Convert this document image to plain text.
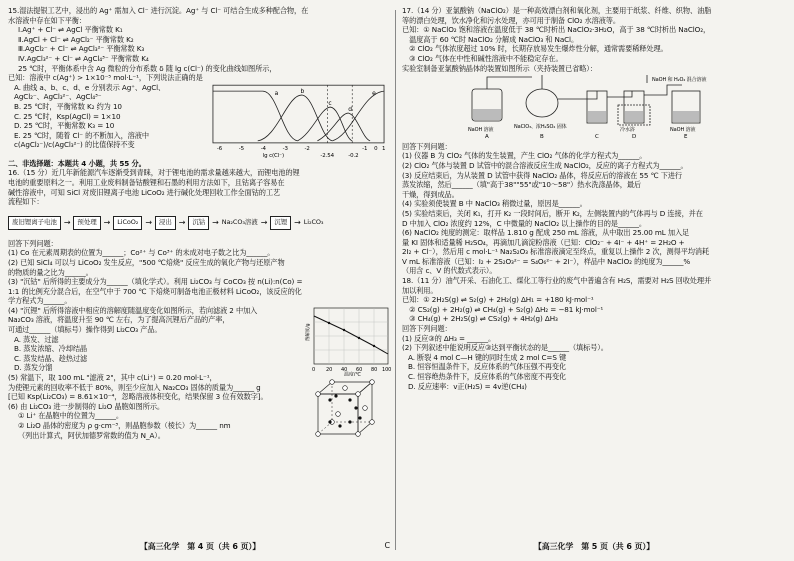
15.湿法提银工艺中，浸出的 Ag⁺ 需加入 Cl⁻ 进行沉淀。Ag⁺ 与 Cl⁻ 可结合生成多种配合物，在

水溶液中存在如下平衡：

Ⅰ.Ag⁺ + Cl⁻ ⇌ AgCl 平衡常数 K₁

Ⅱ.AgCl + Cl⁻ ⇌ AgCl₂⁻ 平衡常数 K₂

Ⅲ.AgCl₂⁻ + Cl⁻ ⇌ AgCl₃²⁻ 平衡常数 K₃

Ⅳ.AgCl₃²⁻ + Cl⁻ ⇌ AgCl₄³⁻ 平衡常数 K₄

25 ℃时，平衡体系中含 Ag 微粒的分布系数 δ 随 lg c(Cl⁻) 的变化曲线如图所示，

已知：溶液中 c(Ag⁺) > 1×10⁻⁵ mol·L⁻¹，下列说法正确的是

A. 曲线 a、b、c、d、e 分别表示 Ag⁺、AgCl、

AgCl₂⁻、AgCl₃²⁻、AgCl₄³⁻

B. 25 ℃时，平衡常数 K₂ 约为 10

C. 25 ℃时，Ksp(AgCl) = 1×10

D. 25 ℃时，平衡常数 K₃ = 10

E. 25 ℃时，随着 Cl⁻ 的不断加入，溶液中

c(AgCl₂⁻)/c(AgCl₃²⁻) 的比值保持不变

a	b
c
d
e
-6	-5	-4	-3	-2	-1 0 1
-2.54	-0.2
lg c(Cl⁻)

二、非选择题：本题共 4 小题，共 55 分。

16.（15 分）近几年新能源汽车逐渐受到青睐，对于锂电池的需求量越来越大，而锂电池的锂

电池的重要原料之一。利用工业废料制备钴酸锂和石墨的利用方法如下，且钴离子容易在

碱性溶液中，可知 SiCl 对废旧锂离子电池 LiCoO₂ 进行碱化处理回收工作全面钴的工艺

流程如下：

废旧锂离子电池 →	预处理 →	LiCoO₂ →	浸出 →	沉钴 → Na₂CO₃溶液 →	沉锂 → Li₂CO₃

回答下列问题：

(1) Co 在元素周期表的位置为______；Co²⁺ 与 Co³⁺ 的未成对电子数之比为______。

(2) 已知 SiCl₄ 可以与 LiCoO₂ 发生反应，"500 ℃焙烧" 反应生成的氧化产物与还原产物

的物质的量之比为______。

(3) "沉钴" 后所得的主要成分为______（填化学式）。利用 Li₂CO₃ 与 CoCO₃ 按 n(Li):n(Co) =

1:1 的比例充分混合后，在空气中于 700 ℃ 下焙烧可制备电池正极材料 LiCoO₂，该反应的化

学方程式为______。

(4) "沉锂" 后所得溶液中相应的溶解度随温度变化如图所示，若向滤液 2 中加入

Na₂CO₃ 溶液，将温度升至 90 ℃ 左右，为了提高沉锂后产品的产率，

可通过______（填标号）操作得到 Li₂CO₃ 产品。

A. 蒸发、过滤

B. 蒸发浓缩、冷却结晶

C. 蒸发结晶、趁热过滤

D. 蒸发分馏

(5) 常温下，取 100 mL "滤液 2"，其中 c(Li⁺) = 0.20 mol·L⁻¹，

为使锂元素的回收率不低于 80%，则至少应加入 Na₂CO₃ 固体的质量为______ g

[已知 Ksp(Li₂CO₃) = 8.61×10⁻⁴，忽略溶液体积变化，结果保留 3 位有效数字]。

(6) 由 Li₂CO₃ 进一步制得的 Li₂O 晶胞如图所示。

① Li⁺ 在晶胞中的位置为______。

② Li₂O 晶体的密度为 ρ g·cm⁻³，则晶胞参数（棱长）为______ nm

（列出计算式，阿伏加德罗常数的值为 N_A）。

0 20 40 60 80 100
温度/℃
溶解度/g

【高三化学　第 4 页（共 6 页）】	C

17.（14 分）亚氯酸钠（NaClO₂）是一种高效漂白剂和氧化剂，主要用于纸浆、纤维、织物、油脂

等的漂白处理，饮水净化和污水处理，亦可用于制备 ClO₂ 水溶液等。

已知：① NaClO₂ 饱和溶液在温度低于 38 ℃时析出 NaClO₂·3H₂O，高于 38 ℃时析出 NaClO₂，

　温度高于 60 ℃时 NaClO₂ 分解成 NaClO₃ 和 NaCl。

　② ClO₂ 气体浓度超过 10% 时，长期存放易发生爆炸性分解，通常需要稀释处理。

　③ ClO₂ 气体在中性和碱性溶液中不能稳定存在。

实验室制备亚氯酸钠晶体的装置如图所示（夹持装置已省略）：

NaOH 溶液
A
NaClO₃、浓H₂SO₄ 固体
B	C
冷水浴
D
NaOH 和 H₂O₂ 混合溶液
E
NaOH 溶液

回答下列问题：

(1) 仪器 B 为 ClO₂ 气体的发生装置，产生 ClO₂ 气体的化学方程式为______。

(2) ClO₂ 气体与装置 D 试管中的混合溶液反应生成 NaClO₂，反应的离子方程式为______。

(3) 反应结束后，为从装置 D 试管中获得 NaClO₂ 晶体，将反应后的溶液在 55 ℃ 下进行

蒸发浓缩，然后______（填"高于38""55"或"10～58"）热水洗涤晶体，最后

干燥，得到成品。

(4) 实验须使装置 B 中 NaClO₃ 稍微过量，原因是______。

(5) 实验结束后，关闭 K₁，打开 K₂ 一段时间后，断开 K₂，左侧装置内的气体再与 D 连接，并在

D 中加入 ClO₂ 浓度约 12%，C 中微量的 NaClO₂ 以上操作的目的是______。

(6) NaClO₂ 纯度的测定：取样品 1.810 g 配成 250 mL 溶液，从中取出 25.00 mL 加入足

量 KI 固体和适量稀 H₂SO₄，再滴加几滴淀粉溶液（已知：ClO₂⁻ + 4I⁻ + 4H⁺ = 2H₂O +

2I₂ + Cl⁻），然后用 c mol·L⁻¹ Na₂S₂O₃ 标准溶液滴定至终点，重复以上操作 2 次，测得平均消耗

V mL 标准溶液（已知：I₂ + 2S₂O₃²⁻ = S₄O₆²⁻ + 2I⁻），样品中 NaClO₂ 的纯度为______%

（用含 c、V 的代数式表示）。

18.（11 分）油气开采、石油化工、煤化工等行业的废气中普遍含有 H₂S，需要对 H₂S 回收处理并

加以利用。

已知：① 2H₂S(g) ⇌ S₂(g) + 2H₂(g) ΔH₁ = +180 kJ·mol⁻¹

　② CS₂(g) + 2H₂(g) ⇌ CH₄(g) + S₂(g) ΔH₂ = −81 kJ·mol⁻¹

　③ CH₄(g) + 2H₂S(g) ⇌ CS₂(g) + 4H₂(g) ΔH₃

回答下列问题：

(1) 反应③的 ΔH₃ = ______。

(2) 下列叙述中能说明反应③达到平衡状态的是______（填标号）。

A. 断裂 4 mol C—H 键的同时生成 2 mol C=S 键

B. 恒容恒温条件下，反应体系的气体压强不再变化

C. 恒容绝热条件下，反应体系的气体密度不再变化

D. 反应速率：v正(H₂S) = 4v逆(CH₄)

【高三化学　第 5 页（共 6 页）】
